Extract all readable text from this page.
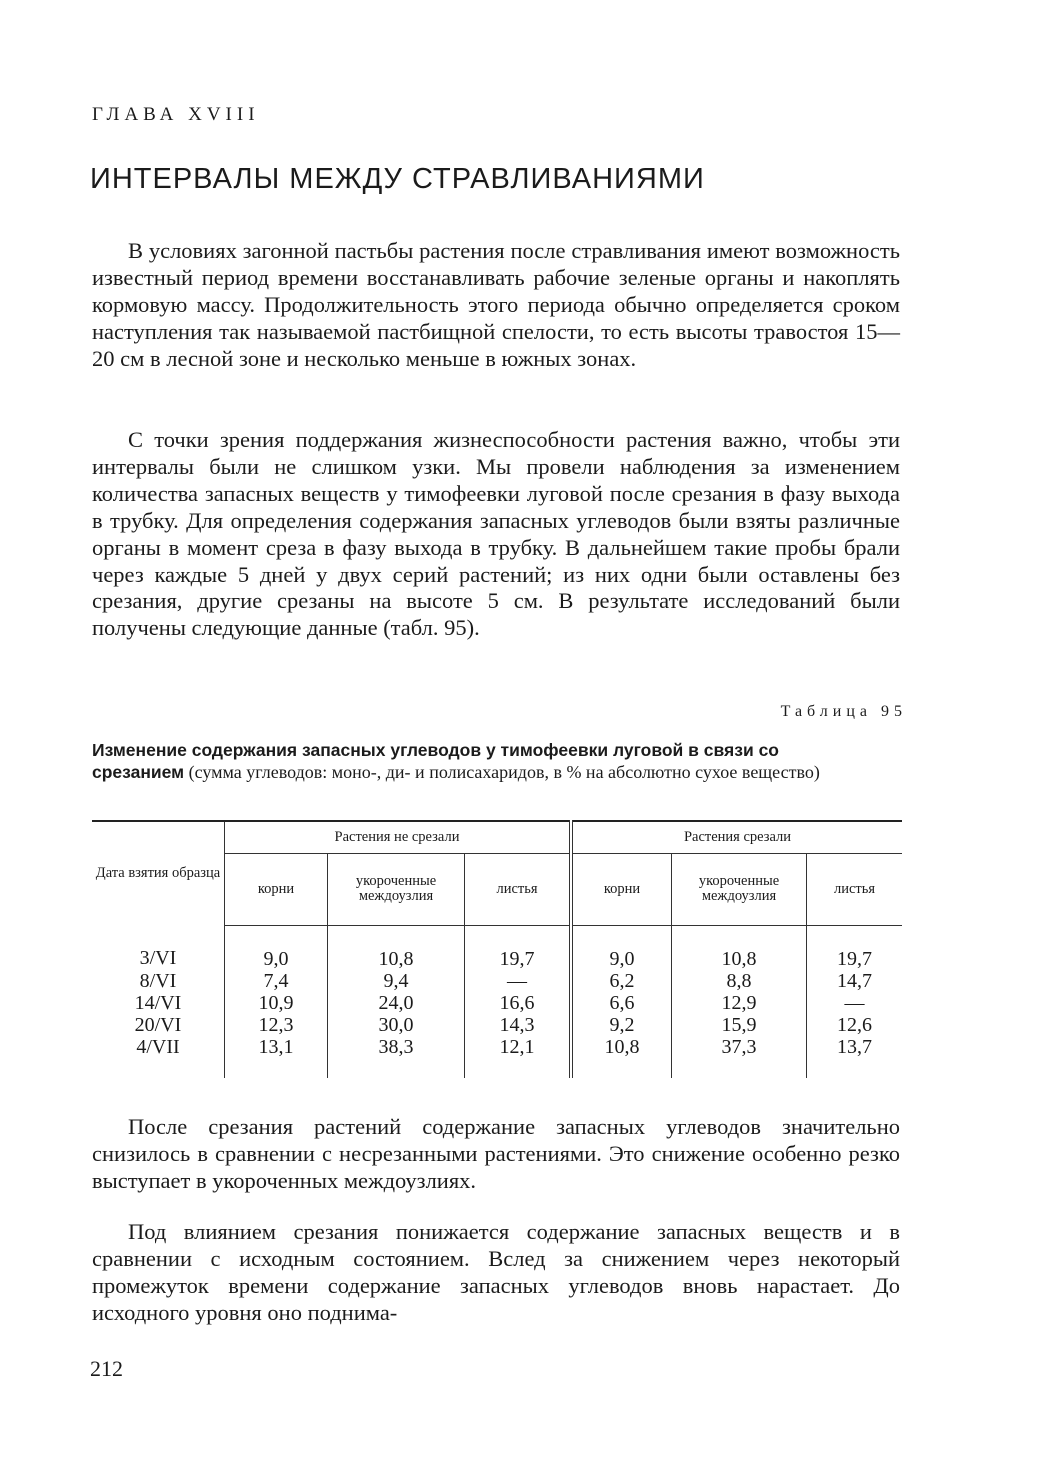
ГЛАВА XVIII
ИНТЕРВАЛЫ МЕЖДУ СТРАВЛИВАНИЯМИ

В условиях загонной пастьбы растения после стравливания имеют возможность известный период времени восстанавливать рабочие зеленые органы и накоплять кормовую массу. Продолжительность этого периода обычно определяется сроком наступления так называемой пастбищной спелости, то есть высоты травостоя 15—20 см в лесной зоне и несколько меньше в южных зонах.

С точки зрения поддержания жизнеспособности растения важно, чтобы эти интервалы были не слишком узки. Мы провели наблюдения за изменением количества запасных веществ у тимофеевки луговой после срезания в фазу выхода в трубку. Для определения содержания запасных углеводов были взяты различные органы в момент среза в фазу выхода в трубку. В дальнейшем такие пробы брали через каждые 5 дней у двух серий растений; из них одни были оставлены без срезания, другие срезаны на высоте 5 см. В результате исследований были получены следующие данные (табл. 95).

Таблица 95
Изменение содержания запасных углеводов у тимофеевки луговой в связи со срезанием (сумма углеводов: моно-, ди- и полисахаридов, в % на абсолютно сухое вещество)
Дата взятия образца	Растения не срезали			Растения срезали		
	корни	укороченные междоузлия	листья	корни	укороченные междоузлия	листья
3/VI	9,0	10,8	19,7	9,0	10,8	19,7
8/VI	7,4	9,4	—	6,2	8,8	14,7
14/VI	10,9	24,0	16,6	6,6	12,9	—
20/VI	12,3	30,0	14,3	9,2	15,9	12,6
4/VII	13,1	38,3	12,1	10,8	37,3	13,7

После срезания растений содержание запасных углеводов значительно снизилось в сравнении с несрезанными растениями. Это снижение особенно резко выступает в укороченных междоузлиях.

Под влиянием срезания понижается содержание запасных веществ и в сравнении с исходным состоянием. Вслед за снижением через некоторый промежуток времени содержание запасных углеводов вновь нарастает. До исходного уровня оно поднима-

212
